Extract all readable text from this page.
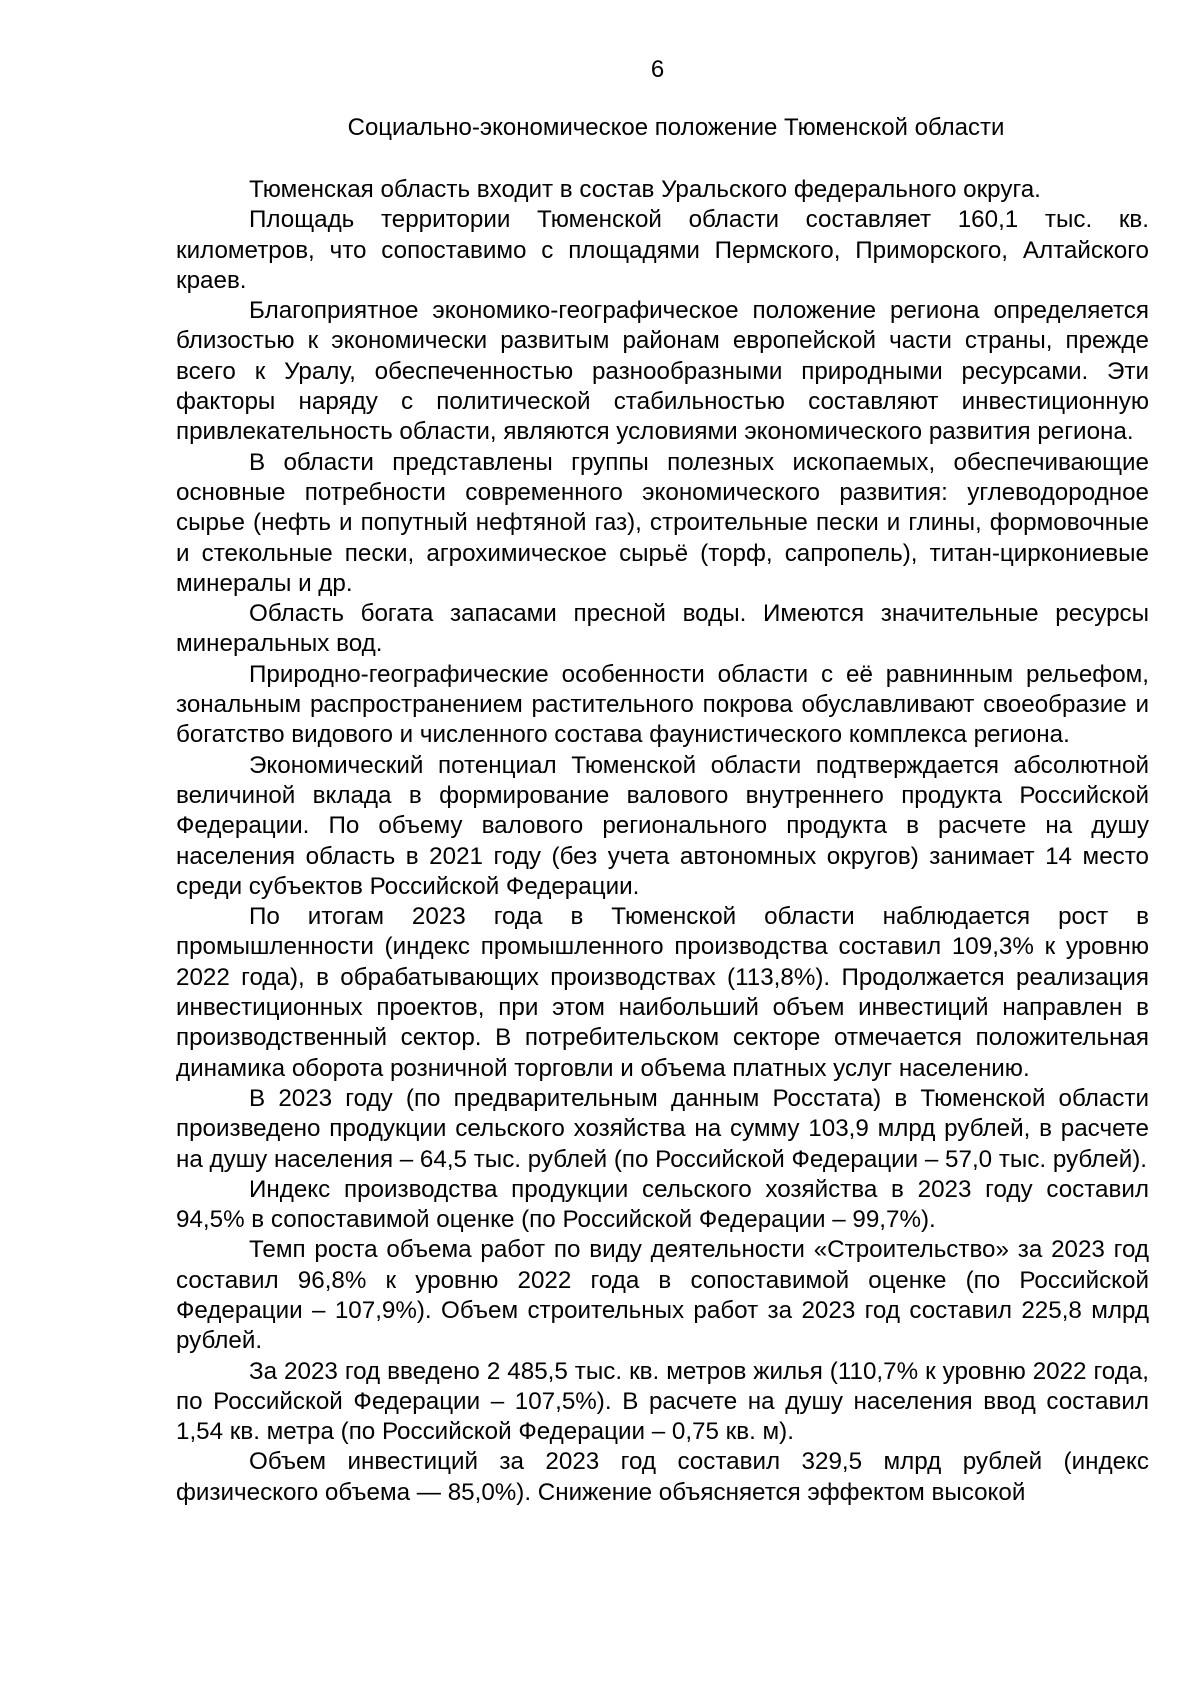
6
Социально-экономическое положение Тюменской области

Тюменская область входит в состав Уральского федерального округа.

Площадь территории Тюменской области составляет 160,1 тыс. кв. километров, что сопоставимо с площадями Пермского, Приморского, Алтайского краев.

Благоприятное экономико-географическое положение региона определяется близостью к экономически развитым районам европейской части страны, прежде всего к Уралу, обеспеченностью разнообразными природными ресурсами. Эти факторы наряду с политической стабильностью составляют инвестиционную привлекательность области, являются условиями экономического развития региона.

В области представлены группы полезных ископаемых, обеспечивающие основные потребности современного экономического развития: углеводородное сырье (нефть и попутный нефтяной газ), строительные пески и глины, формовочные и стекольные пески, агрохимическое сырьё (торф, сапропель), титан-циркониевые минералы и др.

Область богата запасами пресной воды. Имеются значительные ресурсы минеральных вод.

Природно-географические особенности области с её равнинным рельефом, зональным распространением растительного покрова обуславливают своеобразие и богатство видового и численного состава фаунистического комплекса региона.

Экономический потенциал Тюменской области подтверждается абсолютной величиной вклада в формирование валового внутреннего продукта Российской Федерации. По объему валового регионального продукта в расчете на душу населения область в 2021 году (без учета автономных округов) занимает 14 место среди субъектов Российской Федерации.

По итогам 2023 года в Тюменской области наблюдается рост в промышленности (индекс промышленного производства составил 109,3% к уровню 2022 года), в обрабатывающих производствах (113,8%). Продолжается реализация инвестиционных проектов, при этом наибольший объем инвестиций направлен в производственный сектор. В потребительском секторе отмечается положительная динамика оборота розничной торговли и объема платных услуг населению.

В 2023 году (по предварительным данным Росстата) в Тюменской области произведено продукции сельского хозяйства на сумму 103,9 млрд рублей, в расчете на душу населения – 64,5 тыс. рублей (по Российской Федерации – 57,0 тыс. рублей).

Индекс производства продукции сельского хозяйства в 2023 году составил 94,5% в сопоставимой оценке (по Российской Федерации – 99,7%).

Темп роста объема работ по виду деятельности «Строительство» за 2023 год составил 96,8% к уровню 2022 года в сопоставимой оценке (по Российской Федерации – 107,9%). Объем строительных работ за 2023 год составил 225,8 млрд рублей.

За 2023 год введено 2 485,5 тыс. кв. метров жилья (110,7% к уровню 2022 года, по Российской Федерации – 107,5%). В расчете на душу населения ввод составил 1,54 кв. метра (по Российской Федерации – 0,75 кв. м).

Объем инвестиций за 2023 год составил 329,5 млрд рублей (индекс физического объема — 85,0%). Снижение объясняется эффектом высокой
